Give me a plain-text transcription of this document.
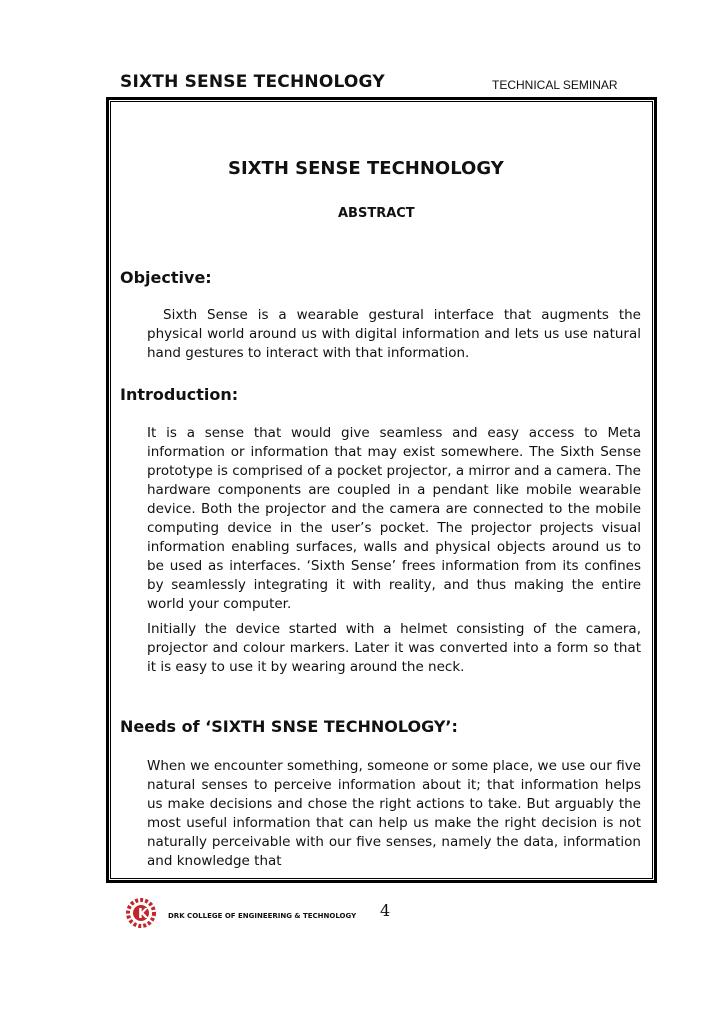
SIXTH SENSE TECHNOLOGY	TECHNICAL SEMINAR
SIXTH SENSE TECHNOLOGY
ABSTRACT
Objective:

Sixth Sense is a wearable gestural interface that augments the physical world around us with digital information and lets us use natural hand gestures to interact with that information.

Introduction:

It is a sense that would give seamless and easy access to Meta information or information that may exist somewhere. The Sixth Sense prototype is comprised of a pocket projector, a mirror and a camera. The hardware components are coupled in a pendant like mobile wearable device. Both the projector and the camera are connected to the mobile computing device in the user’s pocket. The projector projects visual information enabling surfaces, walls and physical objects around us to be used as interfaces. ‘Sixth Sense’ frees information from its confines by seamlessly integrating it with reality, and thus making the entire world your computer.

Initially the device started with a helmet consisting of the camera, projector and colour markers. Later it was converted into a form so that it is easy to use it by wearing around the neck.

Needs of ‘SIXTH SNSE TECHNOLOGY’:

When we encounter something, someone or some place, we use our five natural senses to perceive information about it; that information helps us make decisions and chose the right actions to take. But arguably the most useful information that can help us make the right decision is not naturally perceivable with our five senses, namely the data, information and knowledge that

K	DRK COLLEGE OF ENGINEERING & TECHNOLOGY 4
